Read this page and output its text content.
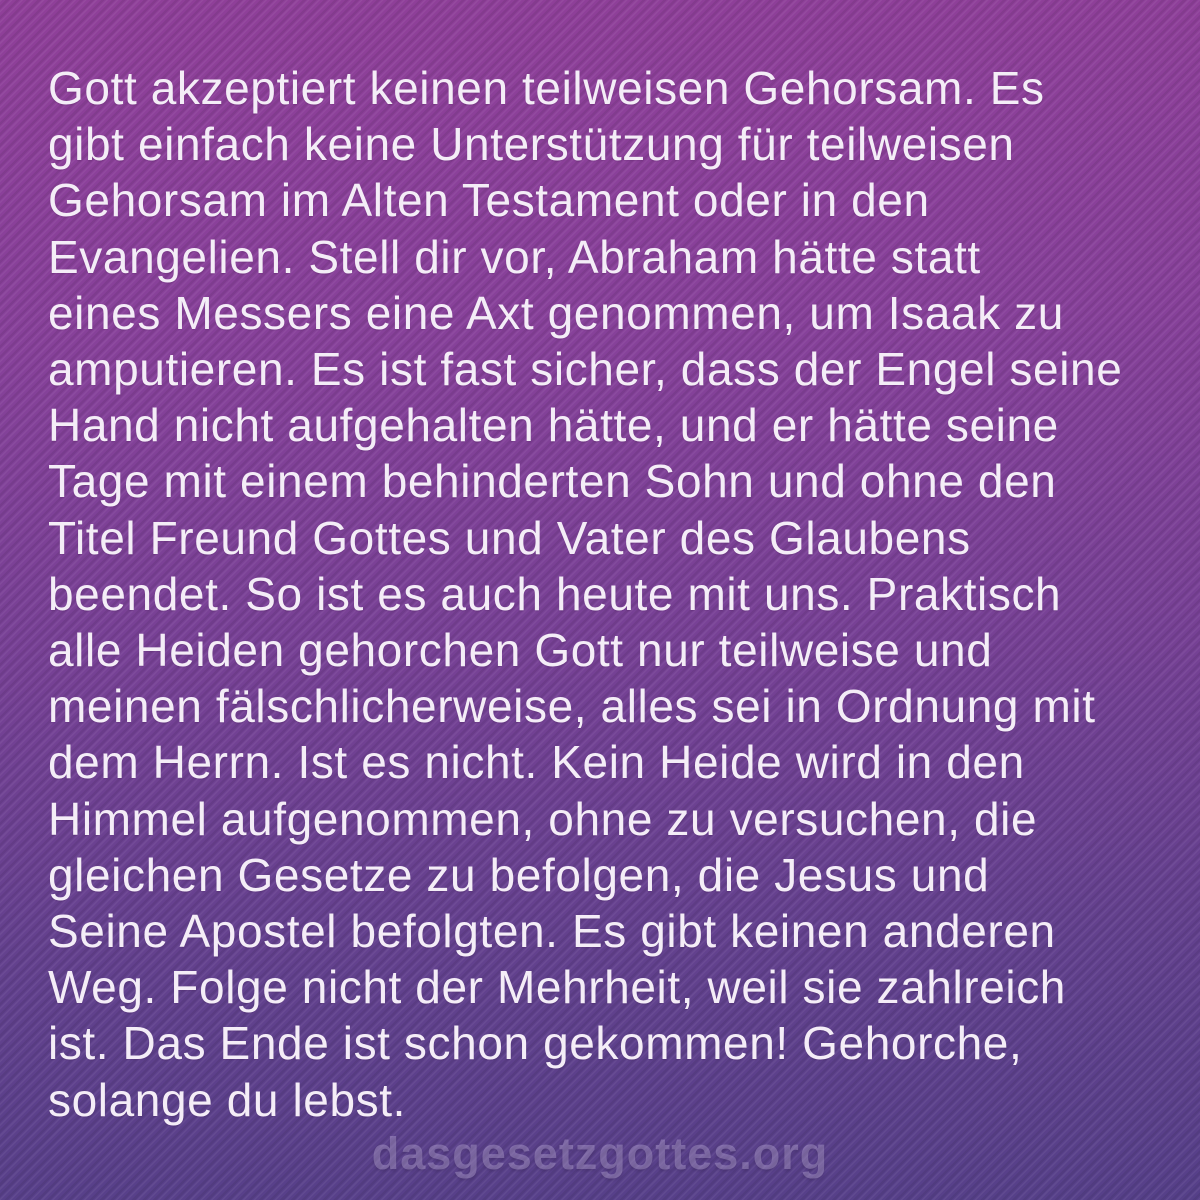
Gott akzeptiert keinen teilweisen Gehorsam. Es
gibt einfach keine Unterstützung für teilweisen
Gehorsam im Alten Testament oder in den
Evangelien. Stell dir vor, Abraham hätte statt
eines Messers eine Axt genommen, um Isaak zu
amputieren. Es ist fast sicher, dass der Engel seine
Hand nicht aufgehalten hätte, und er hätte seine
Tage mit einem behinderten Sohn und ohne den
Titel Freund Gottes und Vater des Glaubens
beendet. So ist es auch heute mit uns. Praktisch
alle Heiden gehorchen Gott nur teilweise und
meinen fälschlicherweise, alles sei in Ordnung mit
dem Herrn. Ist es nicht. Kein Heide wird in den
Himmel aufgenommen, ohne zu versuchen, die
gleichen Gesetze zu befolgen, die Jesus und
Seine Apostel befolgten. Es gibt keinen anderen
Weg. Folge nicht der Mehrheit, weil sie zahlreich
ist. Das Ende ist schon gekommen! Gehorche,
solange du lebst.
dasgesetzgottes.org
